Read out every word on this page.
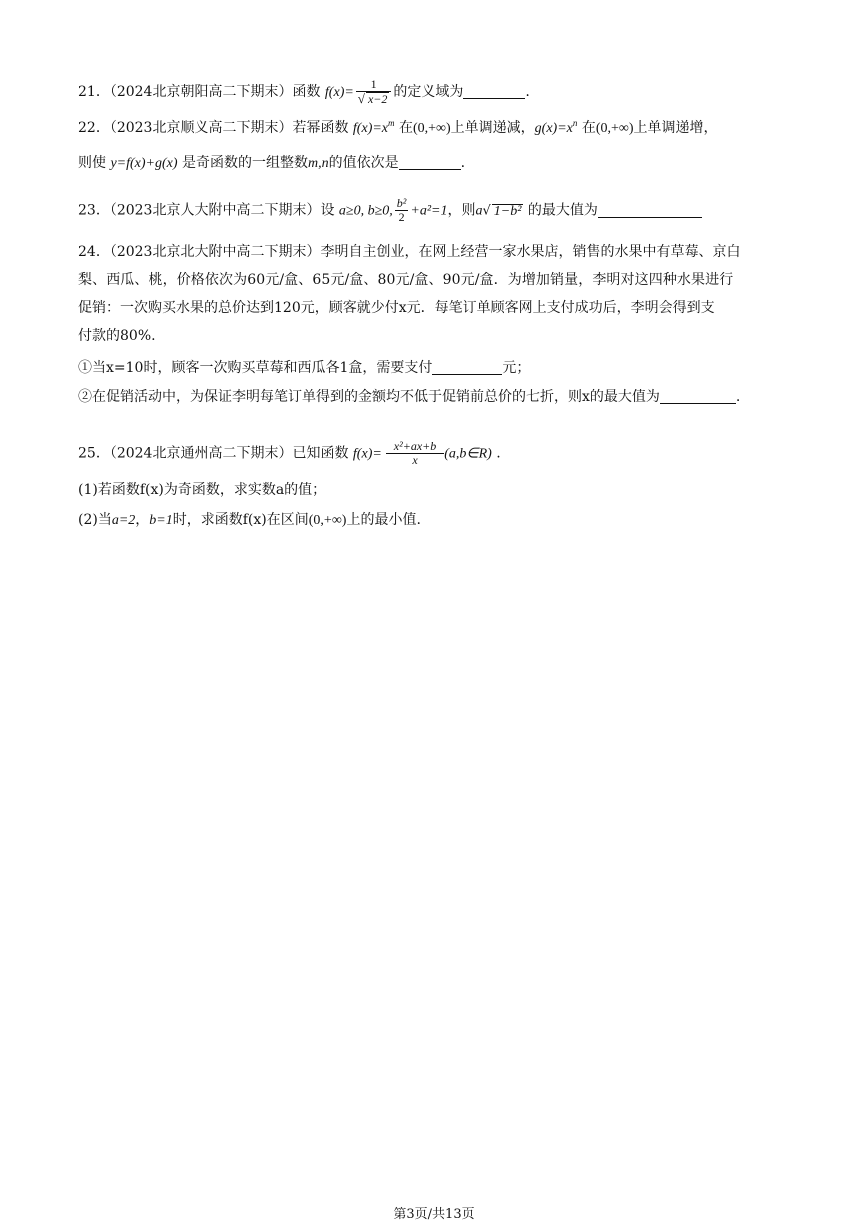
21．（2024北京朝阳高二下期末）函数 $f(x)= \frac{1}{√ x-2}$ 的定义域为	.
22．（2023北京顺义高二下期末）若幂函数 $f(x)=x^m$ 在(0,+∞)上单调递减，$g(x)=x^n$ 在(0,+∞)上单调递增，
则使 y=f(x)+g(x) 是奇函数的一组整数m,n的值依次是	.
23．（2023北京人大附中高二下期末）设 a≥0, b≥0, $\frac{\text{b²}}{2} +a^2=1$，则a√ 1−b² 的最大值为
24．（2023北京北大附中高二下期末）李明自主创业，在网上经营一家水果店，销售的水果中有草莓、京白
梨、西瓜、桃，价格依次为60元/盒、65元/盒、80元/盒、90元/盒．为增加销量，李明对这四种水果进行
促销：一次购买水果的总价达到120元，顾客就少付x元．每笔订单顾客网上支付成功后，李明会得到支
付款的80%.
①当x=10时，顾客一次购买草莓和西瓜各1盒，需要支付	元；
②在促销活动中，为保证李明每笔订单得到的金额均不低于促销前总价的七折，则x的最大值为	.
25．（2024北京通州高二下期末）已知函数 $f(x)= \frac{\text{x²+ax+b}}{x}$ (a,b∈R) .
(1)若函数f(x)为奇函数，求实数a的值；
(2)当a=2，b=1时，求函数f(x)在区间(0,+∞)上的最小值.
第3页/共13页
